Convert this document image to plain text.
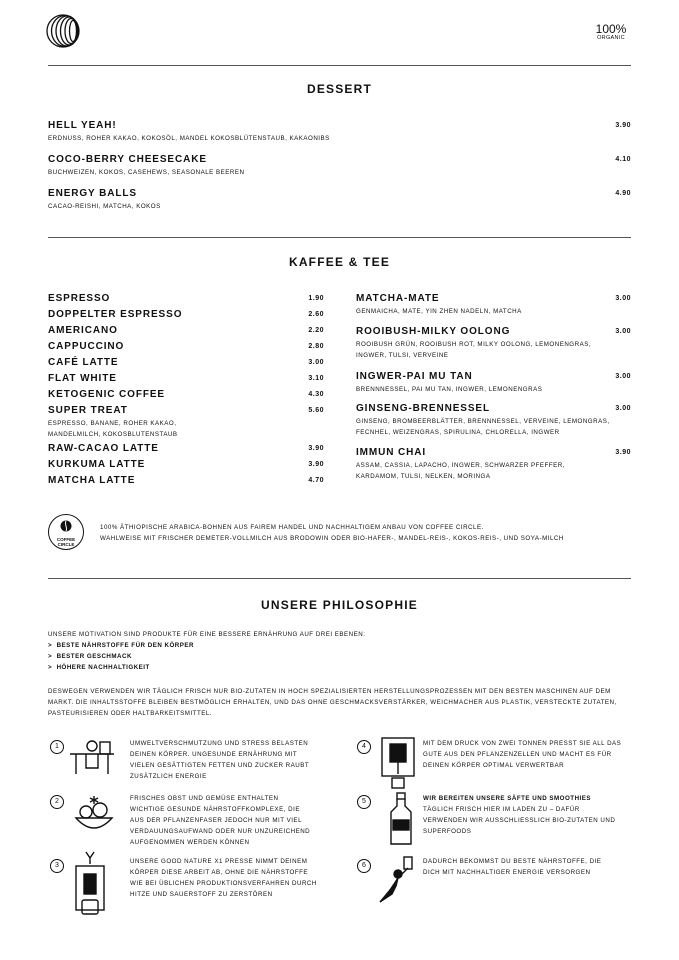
100%
ORGANIC
DESSERT
HELL YEAH!
ERDNUSS, ROHER KAKAO, KOKOSÖL, MANDEL KOKOSBLÜTENSTAUB, KAKAONIBS
3.90
COCO-BERRY CHEESECAKE
BUCHWEIZEN, KOKOS, CASEHEWS, SEASONALE BEEREN
4.10
ENERGY BALLS
CACAO-REISHI, MATCHA, KOKOS
4.90
KAFFEE & TEE
ESPRESSO	1.90
DOPPELTER ESPRESSO	2.60
AMERICANO	2.20
CAPPUCCINO	2.80
CAFÉ LATTE	3.00
FLAT WHITE	3.10
KETOGENIC COFFEE	4.30
SUPER TREAT	5.60
ESPRESSO, BANANE, ROHER KAKAO, MANDELMILCH, KOKOSBLUTENSTAUB
RAW-CACAO LATTE	3.90
KURKUMA LATTE	3.90
MATCHA LATTE	4.70
MATCHA-MATE	3.00
GENMAICHA, MATE, YIN ZHEN NADELN, MATCHA
ROOIBUSH-MILKY OOLONG	3.00
ROOIBUSH GRÜN, ROOIBUSH ROT, MILKY OOLONG, LEMONENGRAS, INGWER, TULSI, VERVEINE
INGWER-PAI MU TAN	3.00
BRENNNESSEL, PAI MU TAN, INGWER, LEMONENGRAS
GINSENG-BRENNESSEL	3.00
GINSENG, BROMBEERBLÄTTER, BRENNNESSEL, VERVEINE, LEMONGRAS, FECNHEL, WEIZENGRAS, SPIRULINA, CHLORELLA, INGWER
IMMUN CHAI	3.90
ASSAM, CASSIA, LAPACHO, INGWER, SCHWARZER PFEFFER, KARDAMOM, TULSI, NELKEN, MORINGA
COFFEE CIRCLE
100% ÄTHIOPISCHE ARABICA-BOHNEN AUS FAIREM HANDEL UND NACHHALTIGEM ANBAU VON COFFEE CIRCLE.
WAHLWEISE MIT FRISCHER DEMETER-VOLLMILCH AUS BRODOWIN ODER BIO-HAFER-, MANDEL-REIS-, KOKOS-REIS-, UND SOYA-MILCH
UNSERE PHILOSOPHIE
UNSERE MOTIVATION SIND PRODUKTE FÜR EINE BESSERE ERNÄHRUNG AUF DREI EBENEN:
>  BESTE NÄHRSTOFFE FÜR DEN KÖRPER
>  BESTER GESCHMACK
>  HÖHERE NACHHALTIGKEIT
DESWEGEN VERWENDEN WIR TÄGLICH FRISCH NUR BIO-ZUTATEN IN HOCH SPEZIALISIERTEN HERSTELLUNGSPROZESSEN MIT DEN BESTEN MASCHINEN AUF DEM
MARKT. DIE INHALTSSTOFFE BLEIBEN BESTMÖGLICH ERHALTEN, UND DAS OHNE GESCHMACKSVERSTÄRKER, WEICHMACHER AUS PLASTIK, VERSTECKTE ZUTATEN,
PASTEURISIEREN ODER HALTBARKEITSMITTEL.
1	UMWELTVERSCHMUTZUNG UND STRESS BELASTEN
DEINEN KÖRPER. UNGESUNDE ERNÄHRUNG MIT
VIELEN GESÄTTIGTEN FETTEN UND ZUCKER RAUBT
ZUSÄTZLICH ENERGIE
2	FRISCHES OBST UND GEMÜSE ENTHALTEN
WICHTIGE GESUNDE NÄHRSTOFFKOMPLEXE, DIE
AUS DER PFLANZENFASER JEDOCH NUR MIT VIEL
VERDAUUNGSAUFWAND ODER NUR UNZUREICHEND
AUFGENOMMEN WERDEN KÖNNEN
3
UNSERE GOOD NATURE X1 PRESSE NIMMT DEINEM
KÖRPER DIESE ARBEIT AB, OHNE DIE NÄHRSTOFFE
WIE BEI ÜBLICHEN PRODUKTIONSVERFAHREN DURCH
HITZE UND SAUERSTOFF ZU ZERSTÖREN
4	MIT DEM DRUCK VON ZWEI TONNEN PRESST SIE ALL DAS
GUTE AUS DEN PFLANZENZELLEN UND MACHT ES FÜR
DEINEN KÖRPER OPTIMAL VERWERTBAR
5	WIR BEREITEN UNSERE SÄFTE UND SMOOTHIES
TÄGLICH FRISCH HIER IM LADEN ZU – DAFÜR
VERWENDEN WIR AUSSCHLIESSLICH BIO-ZUTATEN UND
SUPERFOODS
6
DADURCH BEKOMMST DU BESTE NÄHRSTOFFE, DIE
DICH MIT NACHHALTIGER ENERGIE VERSORGEN
